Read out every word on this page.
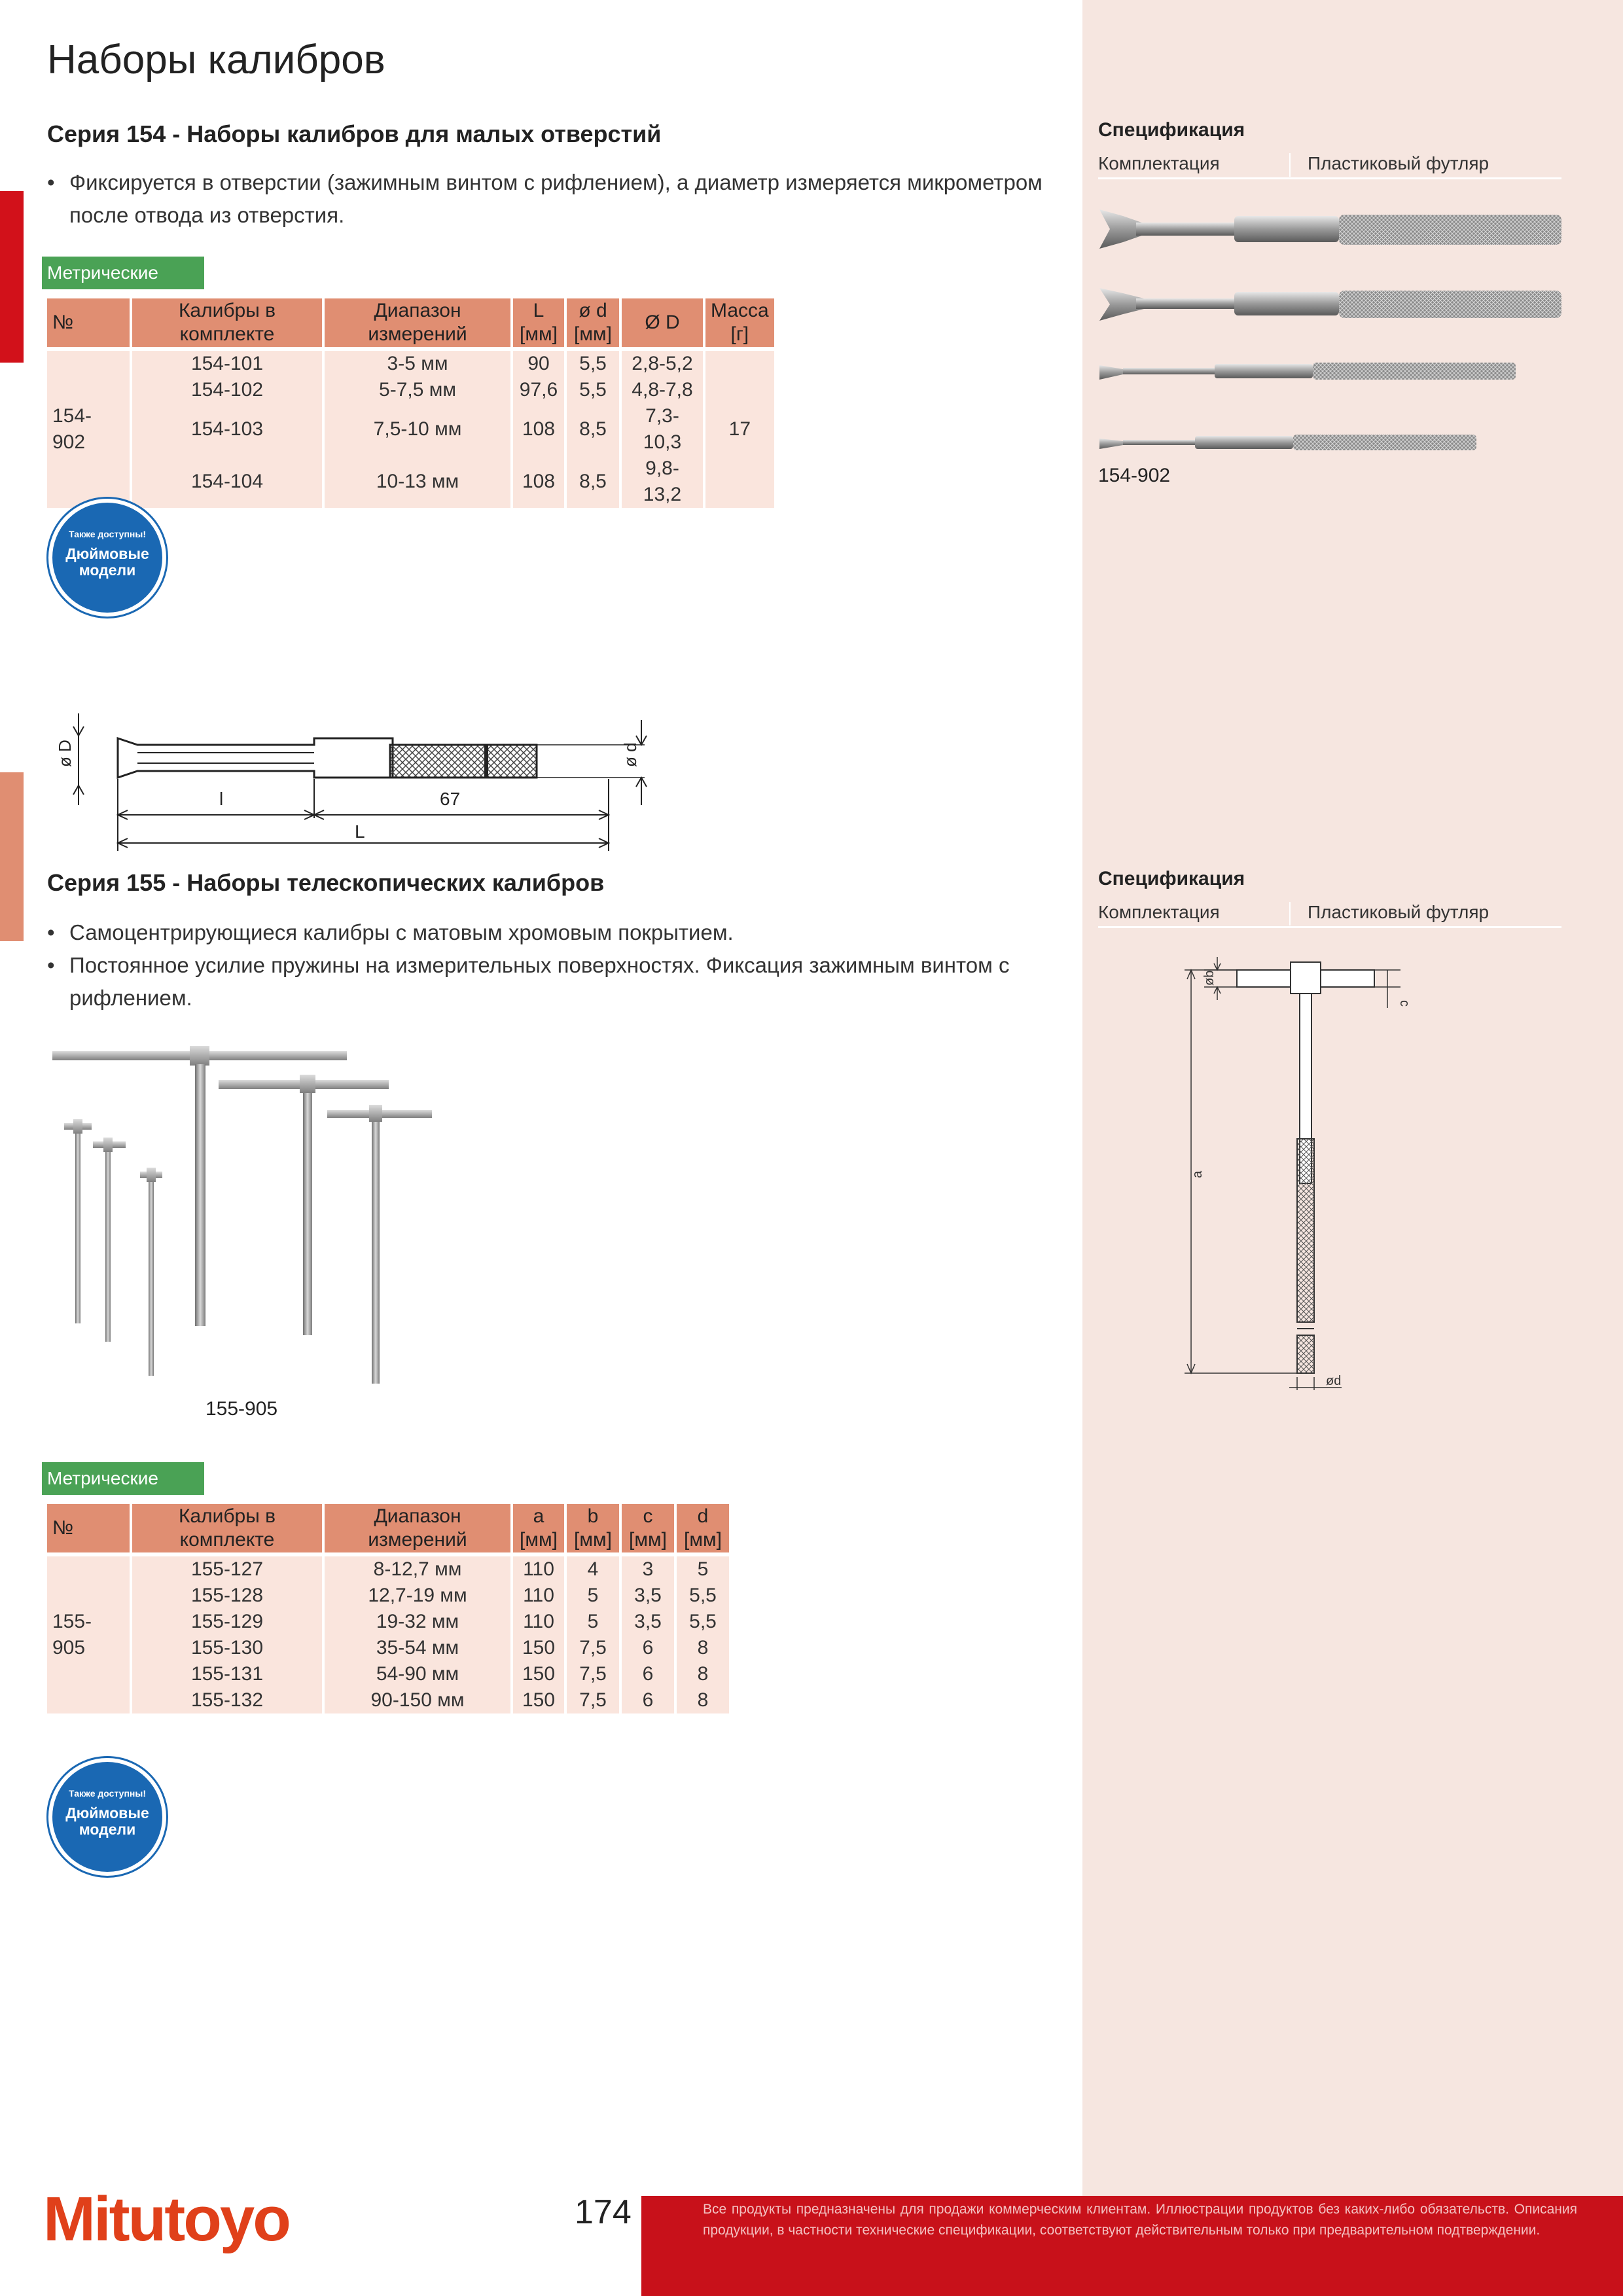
Наборы калибров
Серия 154 - Наборы калибров для малых отверстий
• Фиксируется в отверстии (зажимным винтом с рифлением), а диаметр измеряется микрометром после отвода из отверстия.
Метрические
№	Калибры в комплекте	Диапазон измерений	L [мм]	ø d [мм]	Ø D	Масса [г]
154-902	154-101	3-5 мм	90	5,5	2,8-5,2	17
	154-102	5-7,5 мм	97,6	5,5	4,8-7,8	
	154-103	7,5-10 мм	108	8,5	7,3-10,3	
	154-104	10-13 мм	108	8,5	9,8-13,2	
Также доступны!
Дюймовые модели
ø D	ø d
l	67
L
Спецификация
Комплектация	Пластиковый футляр
154-902
Серия 155 - Наборы телескопических калибров
• Самоцентрирующиеся калибры с матовым хромовым покрытием.
• Постоянное усилие пружины на измерительных поверхностях. Фиксация зажимным винтом с рифлением.
155-905
Метрические
№	Калибры в комплекте	Диапазон измерений	a [мм]	b [мм]	c [мм]	d [мм]
155-905	155-127	8-12,7 мм	110	4	3	5
	155-128	12,7-19 мм	110	5	3,5	5,5
	155-129	19-32 мм	110	5	3,5	5,5
	155-130	35-54 мм	150	7,5	6	8
	155-131	54-90 мм	150	7,5	6	8
	155-132	90-150 мм	150	7,5	6	8
Также доступны!
Дюймовые модели
Спецификация
Комплектация	Пластиковый футляр
øb
c
a
ød
Mitutoyo	174	Все продукты предназначены для продажи коммерческим клиентам. Иллюстрации продуктов без каких-либо обязательств. Описания продукции, в частности технические спецификации, соответствуют действительным только при предварительном подтверждении.
